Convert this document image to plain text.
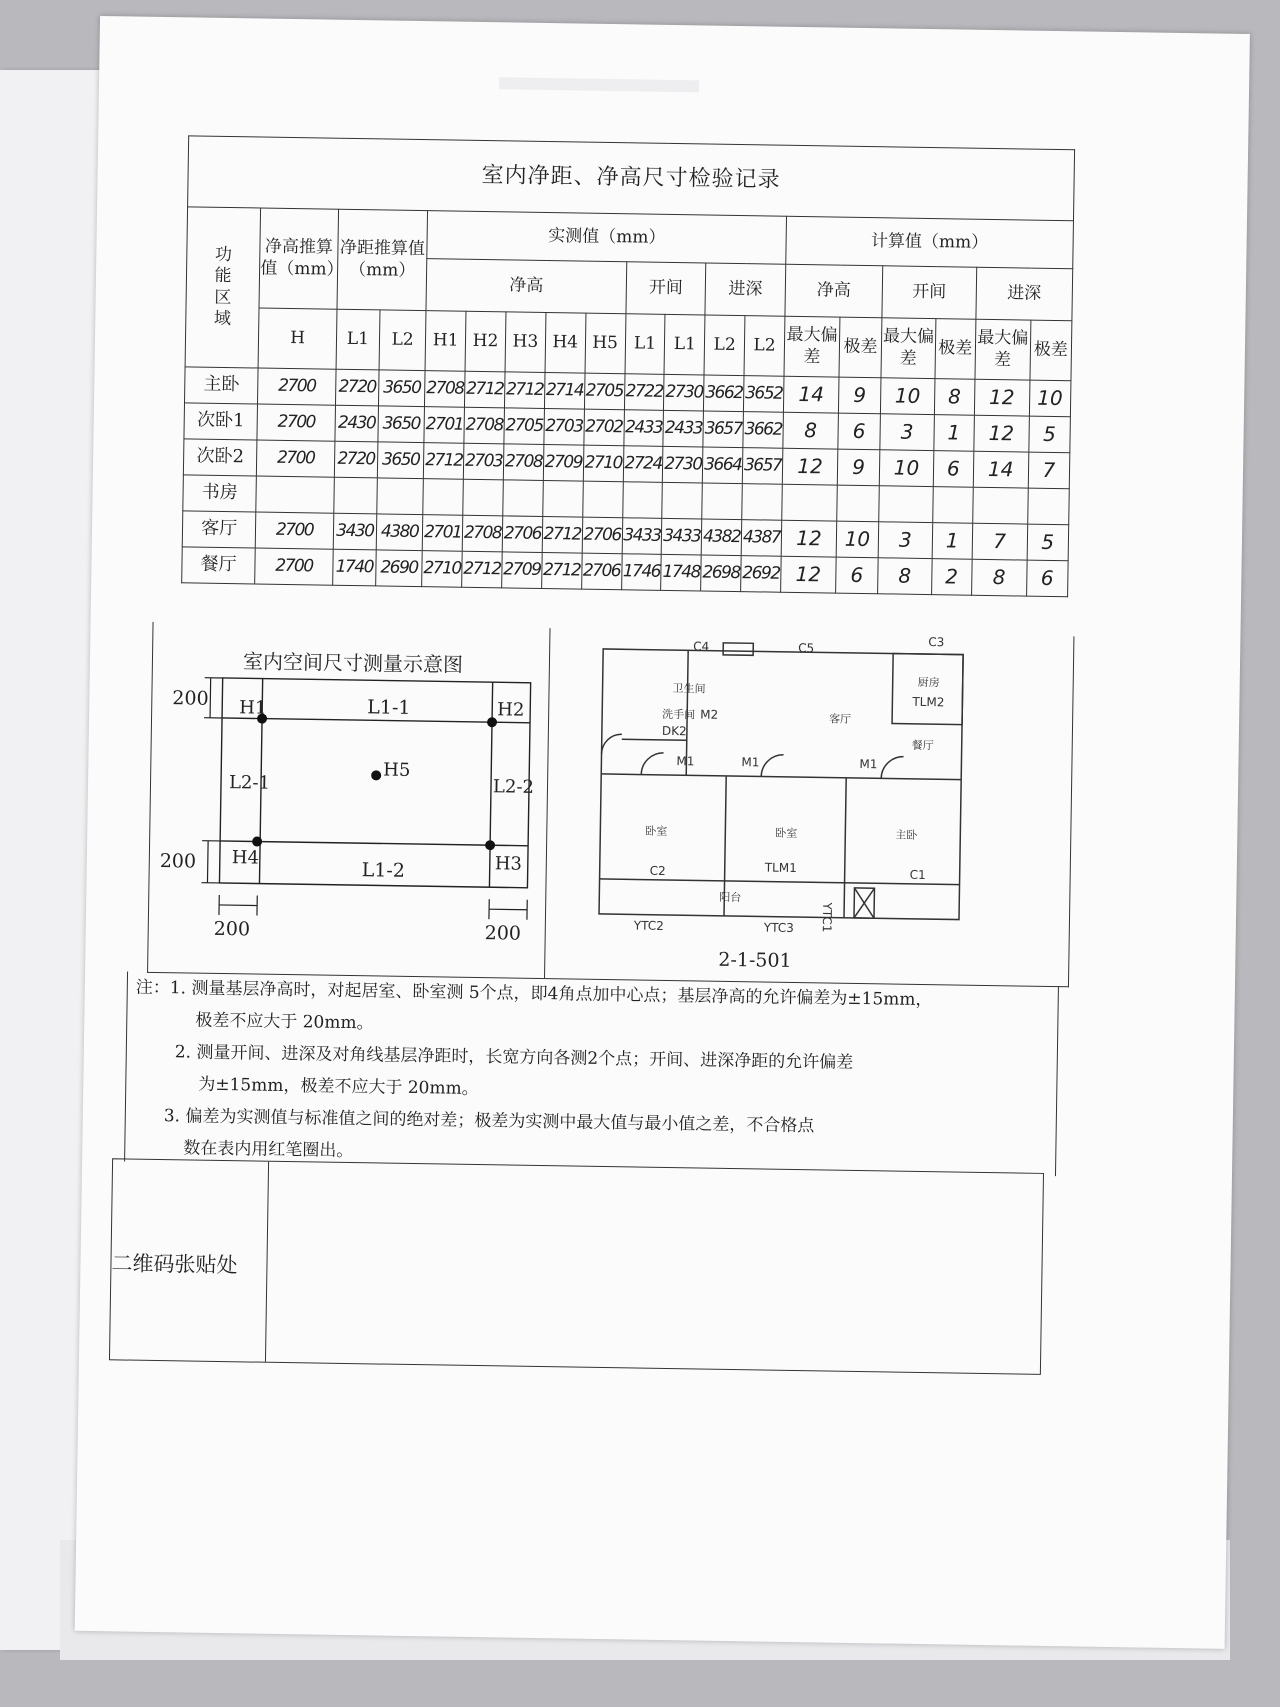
室内净距、净高尺寸检验记录																		
功
能
区
域	净高推算值（mm）	净距推算值（mm）		实测值（mm）									计算值（mm）					
				净高					开间		进深		净高		开间		进深	
	H	L1	L2	H1	H2	H3	H4	H5	L1	L1	L2	L2	最大偏差	极差	最大偏差	极差	最大偏差	极差
主卧	2700	2720	3650	2708	2712	2712	2714	2705	2722	2730	3662	3652	14	9	10	8	12	10
次卧1	2700	2430	3650	2701	2708	2705	2703	2702	2433	2433	3657	3662	8	6	3	1	12	5
次卧2	2700	2720	3650	2712	2703	2708	2709	2710	2724	2730	3664	3657	12	9	10	6	14	7
书房																		
客厅	2700	3430	4380	2701	2708	2706	2712	2706	3433	3433	4382	4387	12	10	3	1	7	5
餐厅	2700	1740	2690	2710	2712	2709	2712	2706	1746	1748	2698	2692	12	6	8	2	8	6
室内空间尺寸测量示意图
200
200
200	200
H1	H2
H3
H4
H5
L1-1
L1-2
L2-1	L2-2
卫生间
洗手间	客厅
餐厅
厨房
卧室	卧室	主卧
阳台
C4	C5	C3
C2	C1
DK2
TLM2
TLM1
M1	M1	M1
M2
YTC2	YTC3 YTC1
2-1-501

注：1. 测量基层净高时，对起居室、卧室测 5个点，即4角点加中心点；基层净高的允许偏差为±15mm，

极差不应大于 20mm。

2. 测量开间、进深及对角线基层净距时，长宽方向各测2个点；开间、进深净距的允许偏差

为±15mm，极差不应大于 20mm。

3. 偏差为实测值与标准值之间的绝对差；极差为实测中最大值与最小值之差，不合格点

数在表内用红笔圈出。

二维码张贴处
